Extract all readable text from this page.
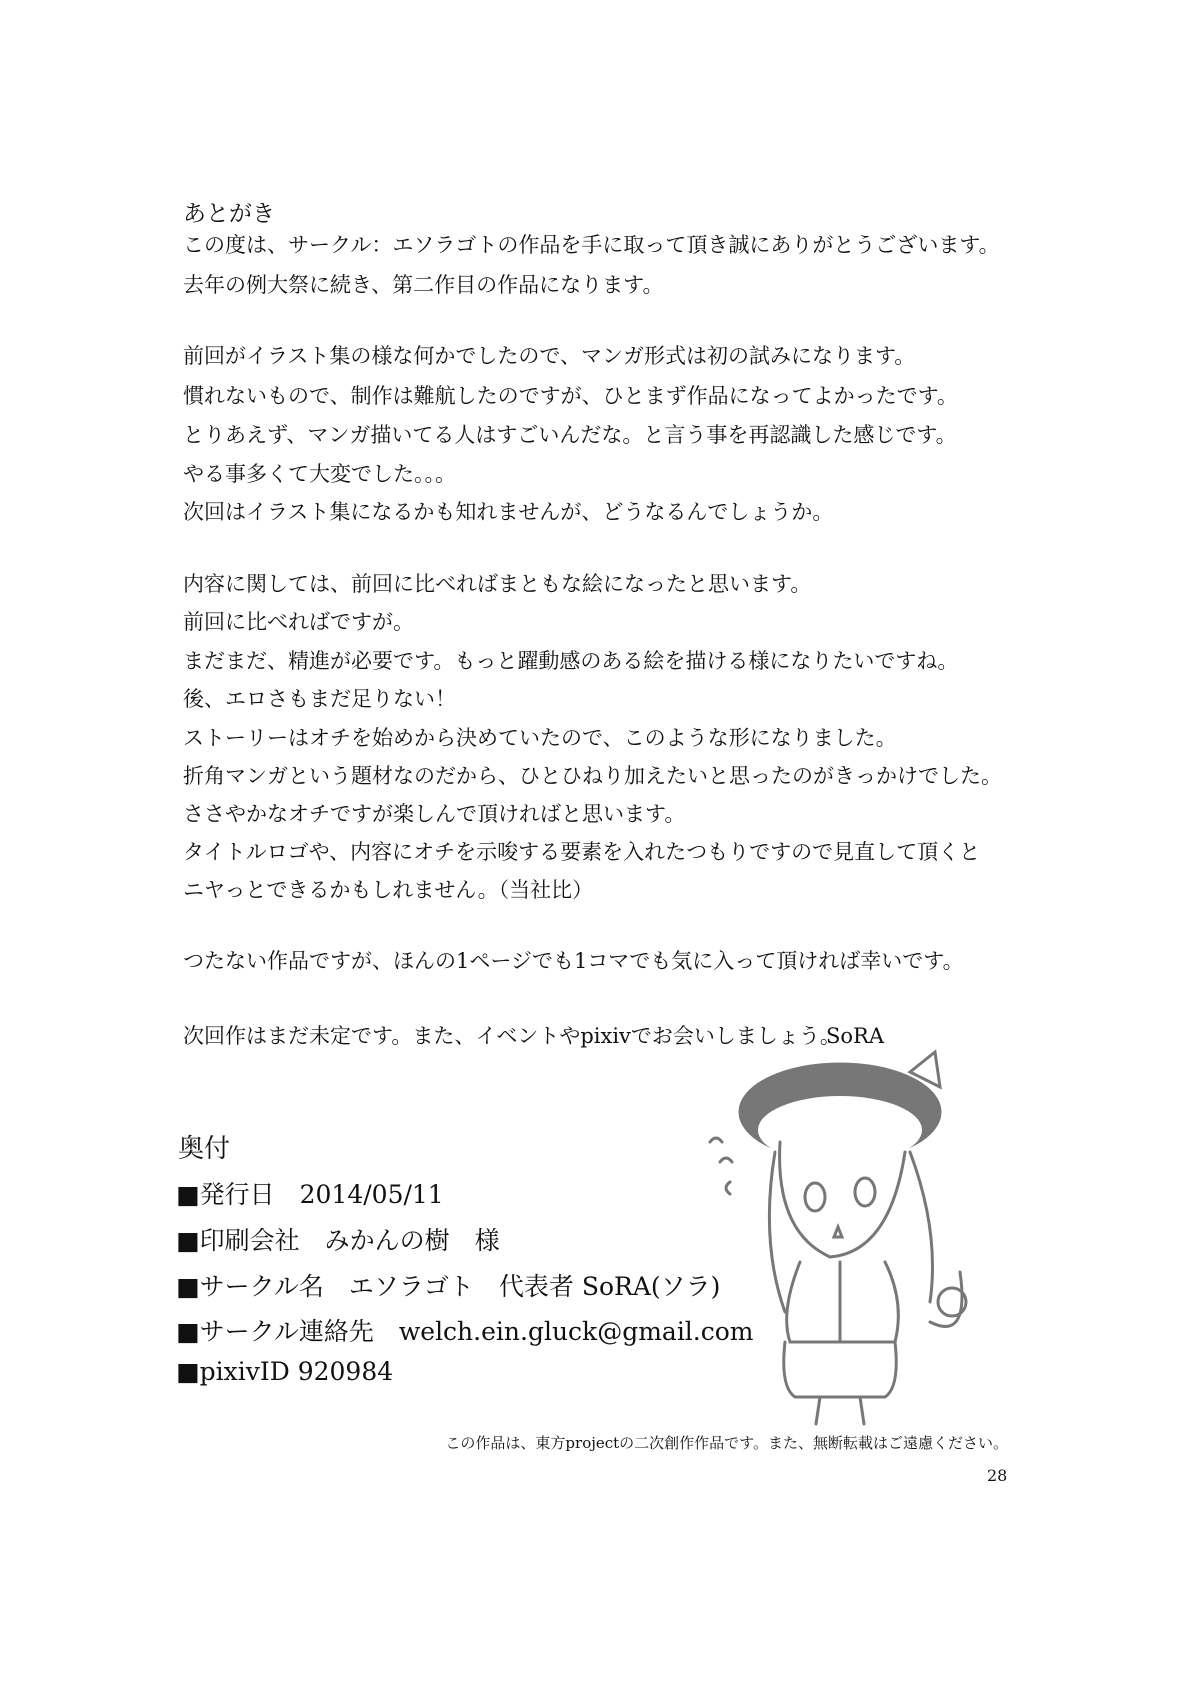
あとがき
この度は、サークル：エソラゴトの作品を手に取って頂き誠にありがとうございます。
去年の例大祭に続き、第二作目の作品になります。
前回がイラスト集の様な何かでしたので、マンガ形式は初の試みになります。
慣れないもので、制作は難航したのですが、ひとまず作品になってよかったです。
とりあえず、マンガ描いてる人はすごいんだな。と言う事を再認識した感じです。
やる事多くて大変でした。。。
次回はイラスト集になるかも知れませんが、どうなるんでしょうか。
内容に関しては、前回に比べればまともな絵になったと思います。
前回に比べればですが。
まだまだ、精進が必要です。もっと躍動感のある絵を描ける様になりたいですね。
後、エロさもまだ足りない！
ストーリーはオチを始めから決めていたので、このような形になりました。
折角マンガという題材なのだから、ひとひねり加えたいと思ったのがきっかけでした。
ささやかなオチですが楽しんで頂ければと思います。
タイトルロゴや、内容にオチを示唆する要素を入れたつもりですので見直して頂くと
ニヤっとできるかもしれません。（当社比）
つたない作品ですが、ほんの1ページでも1コマでも気に入って頂ければ幸いです。
次回作はまだ未定です。また、イベントやpixivでお会いしましょう。
SoRA
奥付
■発行日　2014/05/11
■印刷会社　みかんの樹　様
■サークル名　エソラゴト　代表者 SoRA(ソラ)
■サークル連絡先　welch.ein.gluck@gmail.com
■pixivID 920984
この作品は、東方projectの二次創作作品です。また、無断転載はご遠慮ください。
28
